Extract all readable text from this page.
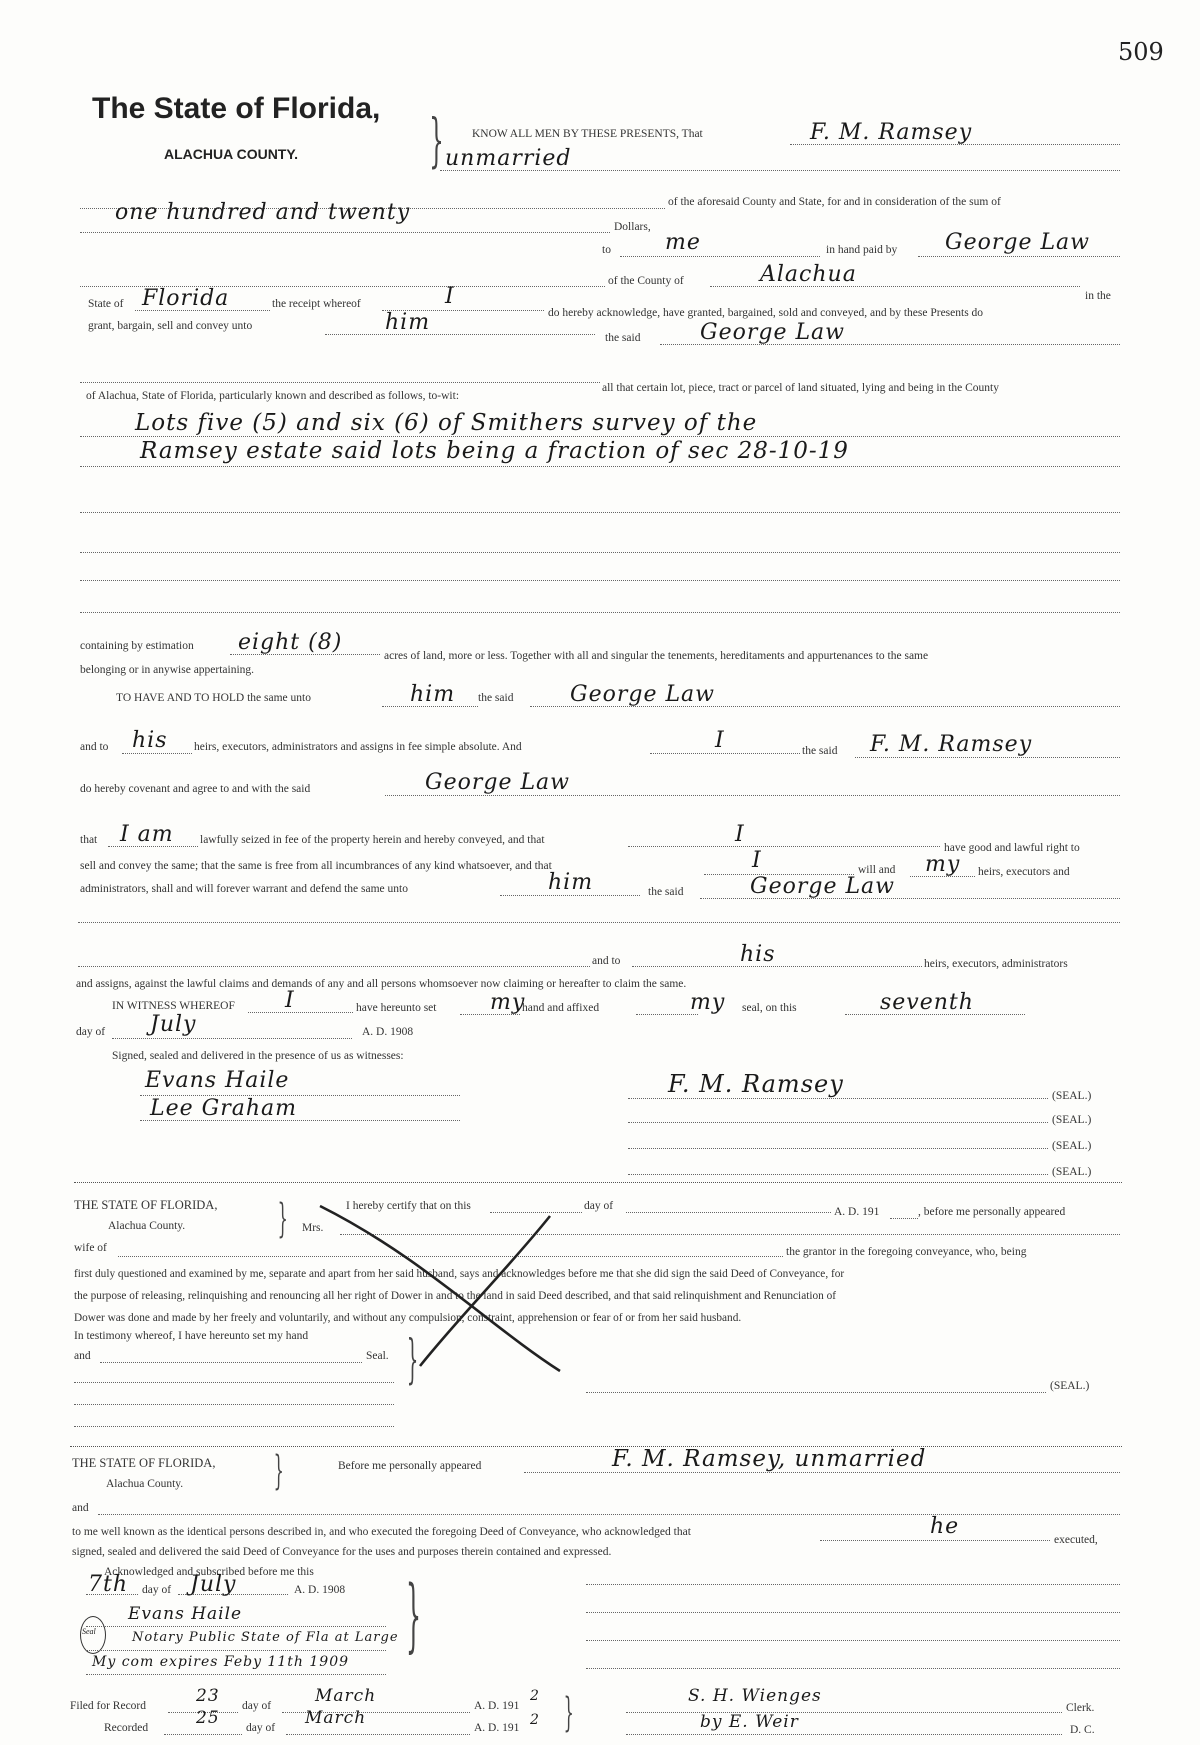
509
The State of Florida,
ALACHUA COUNTY. } KNOW ALL MEN BY THESE PRESENTS, That	F. M. Ramsey
unmarried
of the aforesaid County and State, for and in consideration of the sum of
one hundred and twenty
Dollars,
to me	in hand paid by George Law
of the County of	Alachua
in the
State of Florida	the receipt whereof	I
do hereby acknowledge, have granted, bargained, sold and conveyed, and by these Presents do
grant, bargain, sell and convey unto	him
the said	George Law
all that certain lot, piece, tract or parcel of land situated, lying and being in the County
of Alachua, State of Florida, particularly known and described as follows, to-wit:
Lots five (5) and six (6) of Smithers survey of the
Ramsey estate said lots being a fraction of sec 28-10-19
containing by estimation eight (8)
acres of land, more or less. Together with all and singular the tenements, hereditaments and appurtenances to the same
belonging or in anywise appertaining.
TO HAVE AND TO HOLD the same unto	him the said	George Law
and to his heirs, executors, administrators and assigns in fee simple absolute. And	I	the said F. M. Ramsey
do hereby covenant and agree to and with the said	George Law
that I am lawfully seized in fee of the property herein and hereby conveyed, and that	I
have good and lawful right to
sell and convey the same; that the same is free from all incumbrances of any kind whatsoever, and that	I	will and my heirs, executors and
administrators, shall and will forever warrant and defend the same unto	him	the said	George Law
and to	his	heirs, executors, administrators
and assigns, against the lawful claims and demands of any and all persons whomsoever now claiming or hereafter to claim the same.
IN WITNESS WHEREOF I	have hereunto set my
hand and affixed	my seal, on this	seventh
day of July	A. D. 1908
Signed, sealed and delivered in the presence of us as witnesses:
Evans Haile
Lee Graham
F. M. Ramsey	(SEAL.)
(SEAL.)
(SEAL.)
(SEAL.)
THE STATE OF FLORIDA,
Alachua County. }	I hereby certify that on this	day of	A. D. 191	, before me personally appeared
Mrs.
wife of	the grantor in the foregoing conveyance, who, being
first duly questioned and examined by me, separate and apart from her said husband, says and acknowledges before me that she did sign the said Deed of Conveyance, for
the purpose of releasing, relinquishing and renouncing all her right of Dower in and to the land in said Deed described, and that said relinquishment and Renunciation of
Dower was done and made by her freely and voluntarily, and without any compulsion, constraint, apprehension or fear of or from her said husband.
In testimony whereof, I have hereunto set my hand
and	Seal. }	(SEAL.)
THE STATE OF FLORIDA,
Alachua County. }	Before me personally appeared	F. M. Ramsey, unmarried
and
to me well known as the identical persons described in, and who executed the foregoing Deed of Conveyance, who acknowledged that	he
executed,
signed, sealed and delivered the said Deed of Conveyance for the uses and purposes therein contained and expressed.
Acknowledged and subscribed before me this
7th day of July	A. D. 1908 }
Seal
Evans Haile
Notary Public State of Fla at Large
My com expires Feby 11th 1909
Filed for Record	23 day of	March	A. D. 191
2
Recorded	25 day of March	A. D. 191 2 }	S. H. Wienges
Clerk.
by E. Weir	D. C.
